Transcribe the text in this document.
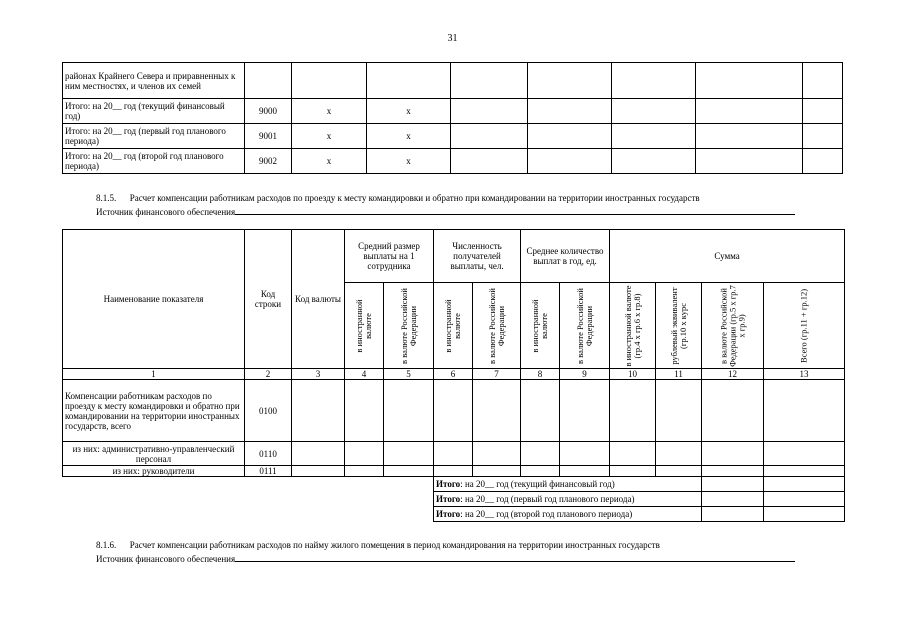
31
районах Крайнего Севера и приравненных к ним местностях, и членов их семей								
Итого: на 20__ год (текущий финансовый год)	9000	x	x					
Итого: на 20__ год (первый год планового периода)	9001	x	x					
Итого: на 20__ год (второй год планового периода)	9002	x	x					
8.1.5. Расчет компенсации работникам расходов по проезду к месту командировки и обратно при командировании на территории иностранных государств
Источник финансового обеспечения
Наименование показателя	Код строки	Код валюты	Средний размер выплаты на 1 сотрудника		Численность получателей выплаты, чел.		Среднее количество выплат в год, ед.		Сумма			

			в иностранной валюте	в валюте Российской Федерации	в иностранной валюте	в валюте Российской Федерации	в иностранной валюте	в валюте Российской Федерации	в иностранной валюте (гр.4 х гр.6 х гр.8)	рублевый эквивалент (гр.10 х курс	в валюте Российской Федерации (гр.5 х гр.7 х гр.9)	Всего (гр.11 + гр.12)

1	2	3	4	5	6	7	8	9	10	11	12	13
Компенсации работникам расходов по проезду к месту командировки и обратно при командировании на территории иностранных государств, всего	0100											
из них: административно-управленческий персонал	0110											
из них: руководители	0111											
					Итого: на 20__ год (текущий финансовый год)							
					Итого: на 20__ год (первый год планового периода)							
					Итого: на 20__ год (второй год планового периода)							
8.1.6. Расчет компенсации работникам расходов по найму жилого помещения в период командирования на территории иностранных государств
Источник финансового обеспечения
